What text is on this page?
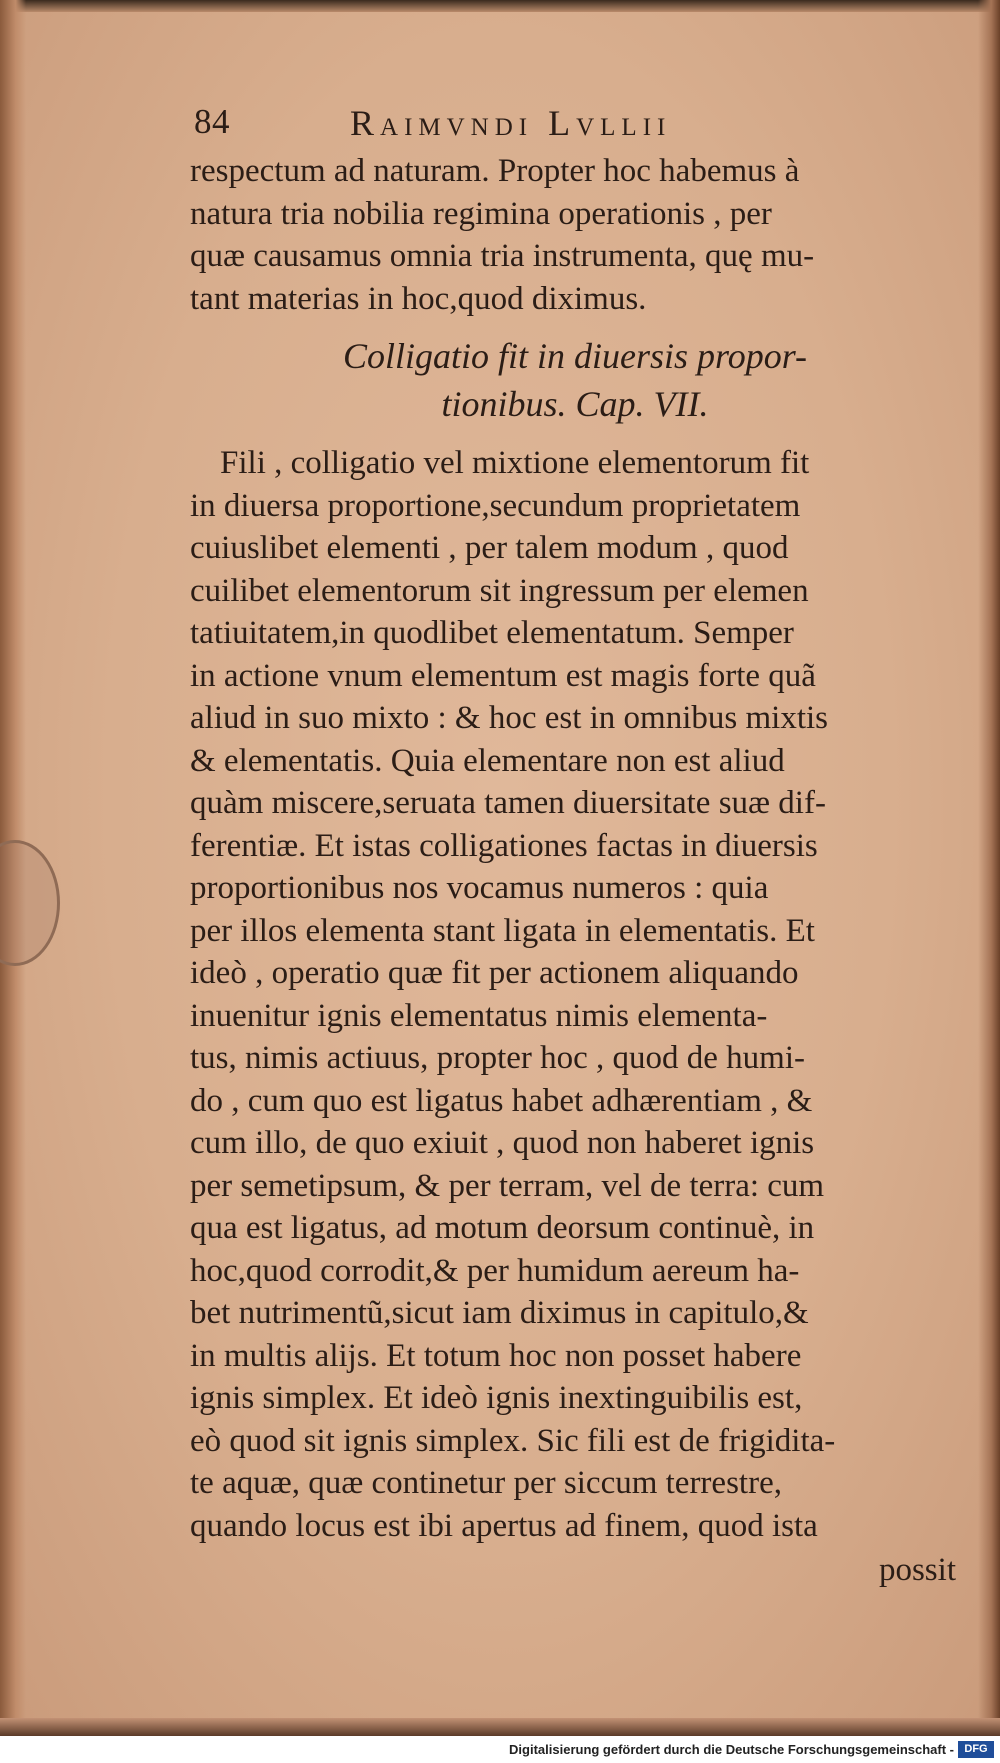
84	Raimvndi Lvllii
respectum ad naturam. Propter hoc habemus à
natura tria nobilia regimina operationis , per
quæ causamus omnia tria instrumenta, quę mu-
tant materias in hoc,quod diximus.
Colligatio fit in diuersis propor-
tionibus. Cap. VII.
Fili , colligatio vel mixtione elementorum fit
in diuersa proportione,secundum proprietatem
cuiuslibet elementi , per talem modum , quod
cuilibet elementorum sit ingressum per elemen
tatiuitatem,in quodlibet elementatum. Semper
in actione vnum elementum est magis forte quã
aliud in suo mixto : & hoc est in omnibus mixtis
& elementatis. Quia elementare non est aliud
quàm miscere,seruata tamen diuersitate suæ dif-
ferentiæ. Et istas colligationes factas in diuersis
proportionibus nos vocamus numeros : quia
per illos elementa stant ligata in elementatis. Et
ideò , operatio quæ fit per actionem aliquando
inuenitur ignis elementatus nimis elementa-
tus, nimis actiuus, propter hoc , quod de humi-
do , cum quo est ligatus habet adhærentiam , &
cum illo, de quo exiuit , quod non haberet ignis
per semetipsum, & per terram, vel de terra: cum
qua est ligatus, ad motum deorsum continuè, in
hoc,quod corrodit,& per humidum aereum ha-
bet nutrimentũ,sicut iam diximus in capitulo,&
in multis alijs. Et totum hoc non posset habere
ignis simplex. Et ideò ignis inextinguibilis est,
eò quod sit ignis simplex. Sic fili est de frigidita-
te aquæ, quæ continetur per siccum terrestre,
quando locus est ibi apertus ad finem, quod ista
possit
Digitalisierung gefördert durch die Deutsche Forschungsgemeinschaft - DFG
